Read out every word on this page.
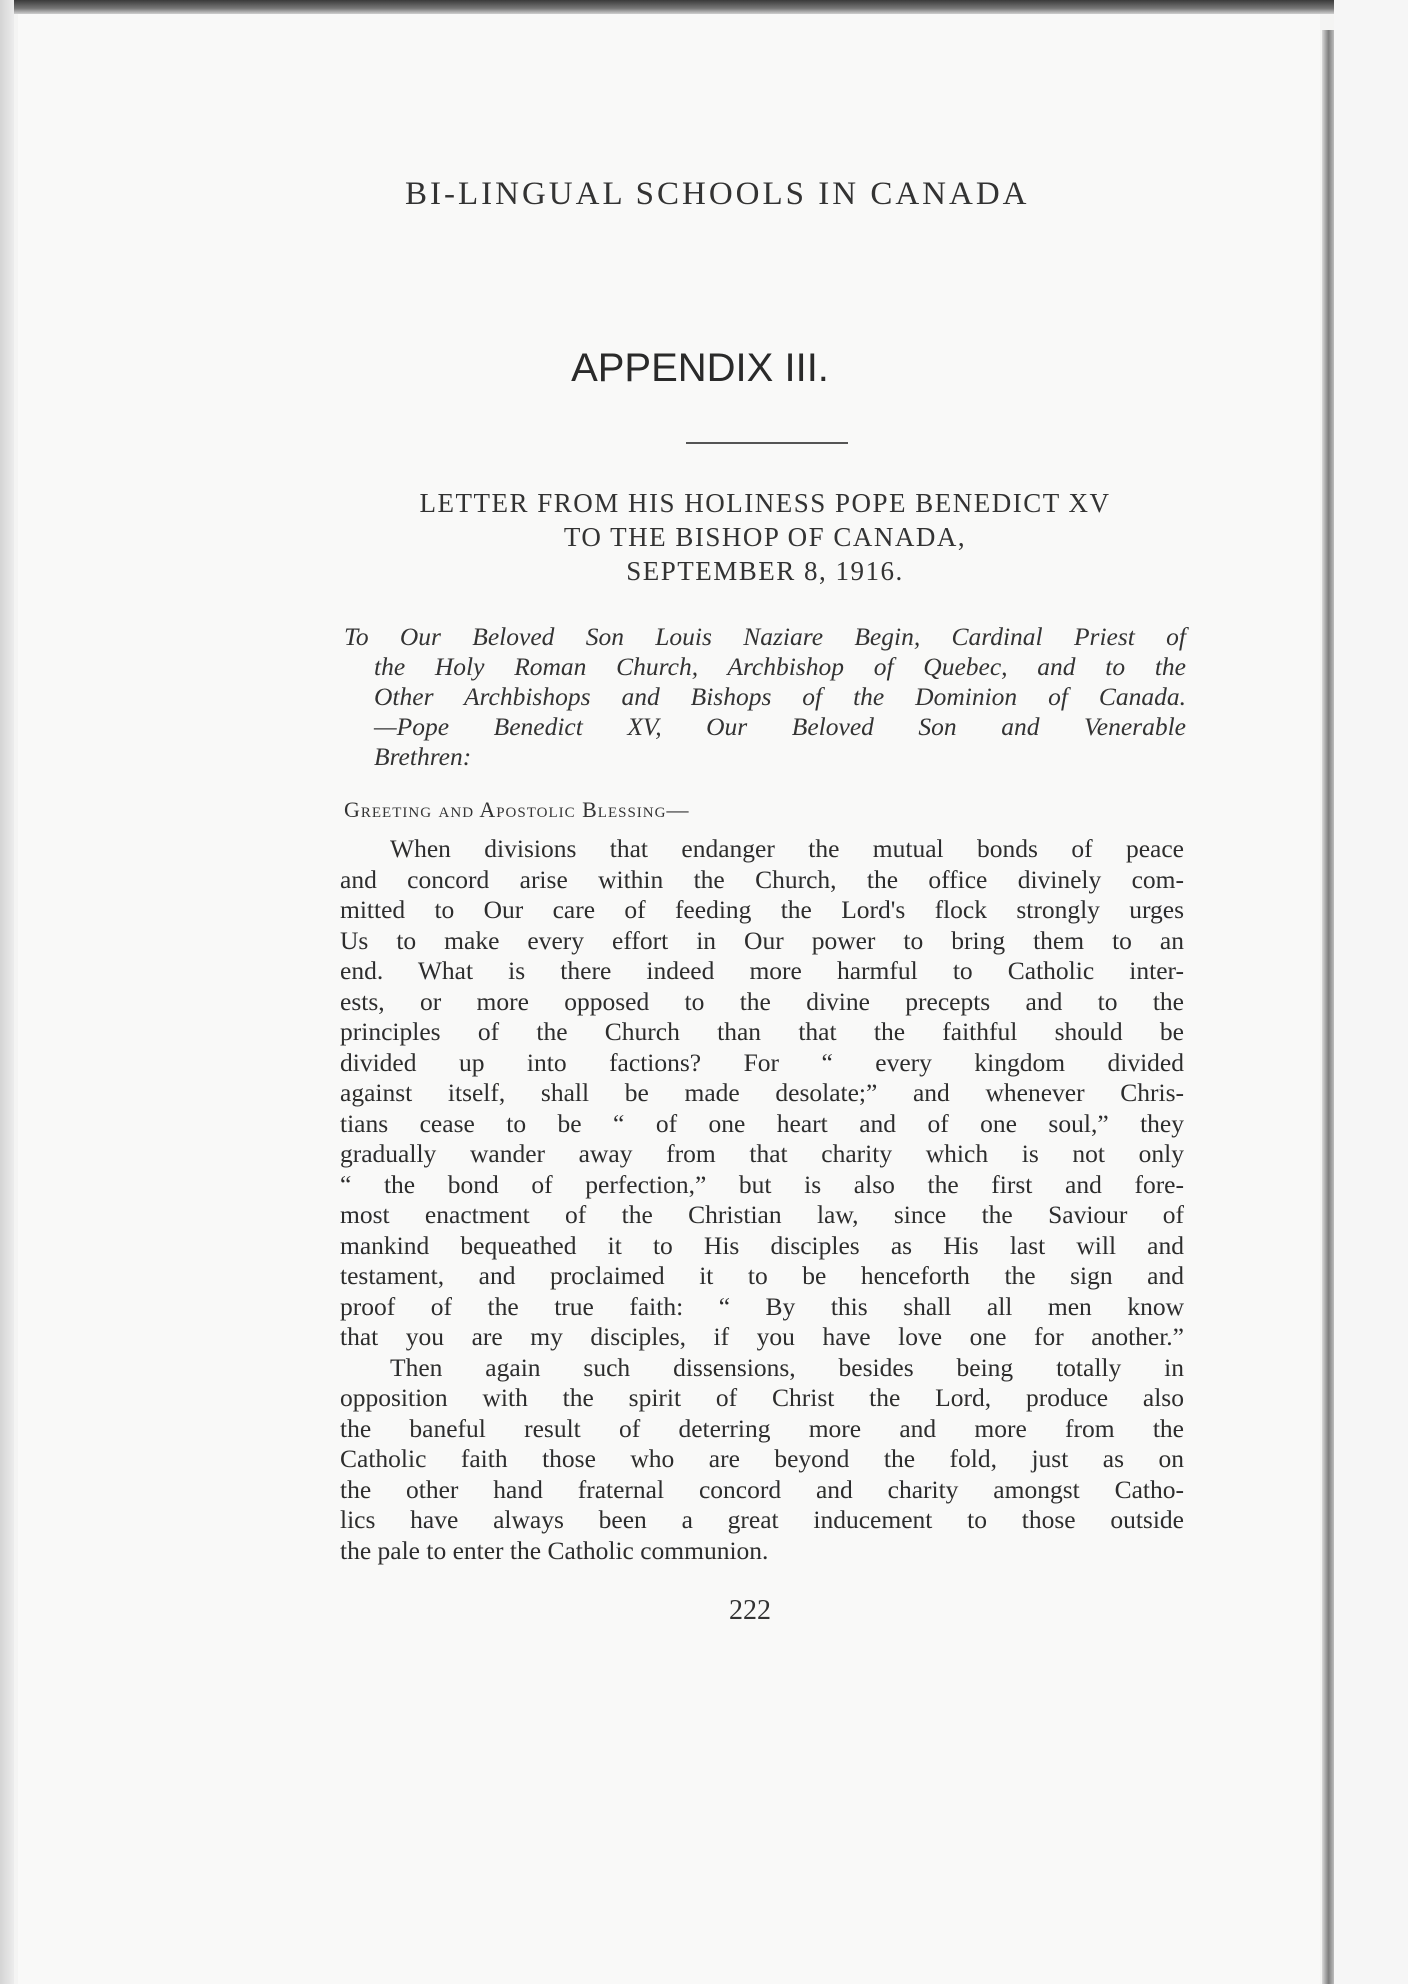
BI-LINGUAL SCHOOLS IN CANADA
APPENDIX III.
LETTER FROM HIS HOLINESS POPE BENEDICT XV
TO THE BISHOP OF CANADA,
SEPTEMBER 8, 1916.
To Our Beloved Son Louis Naziare Begin, Cardinal Priest of
the Holy Roman Church, Archbishop of Quebec, and to the
Other Archbishops and Bishops of the Dominion of Canada.
—Pope Benedict XV, Our Beloved Son and Venerable
Brethren:
Greeting and Apostolic Blessing—
When divisions that endanger the mutual bonds of peace
and concord arise within the Church, the office divinely com-
mitted to Our care of feeding the Lord's flock strongly urges
Us to make every effort in Our power to bring them to an
end. What is there indeed more harmful to Catholic inter-
ests, or more opposed to the divine precepts and to the
principles of the Church than that the faithful should be
divided up into factions? For “ every kingdom divided
against itself, shall be made desolate;” and whenever Chris-
tians cease to be “ of one heart and of one soul,” they
gradually wander away from that charity which is not only
“ the bond of perfection,” but is also the first and fore-
most enactment of the Christian law, since the Saviour of
mankind bequeathed it to His disciples as His last will and
testament, and proclaimed it to be henceforth the sign and
proof of the true faith: “ By this shall all men know
that you are my disciples, if you have love one for another.”
Then again such dissensions, besides being totally in
opposition with the spirit of Christ the Lord, produce also
the baneful result of deterring more and more from the
Catholic faith those who are beyond the fold, just as on
the other hand fraternal concord and charity amongst Catho-
lics have always been a great inducement to those outside
the pale to enter the Catholic communion.
222
